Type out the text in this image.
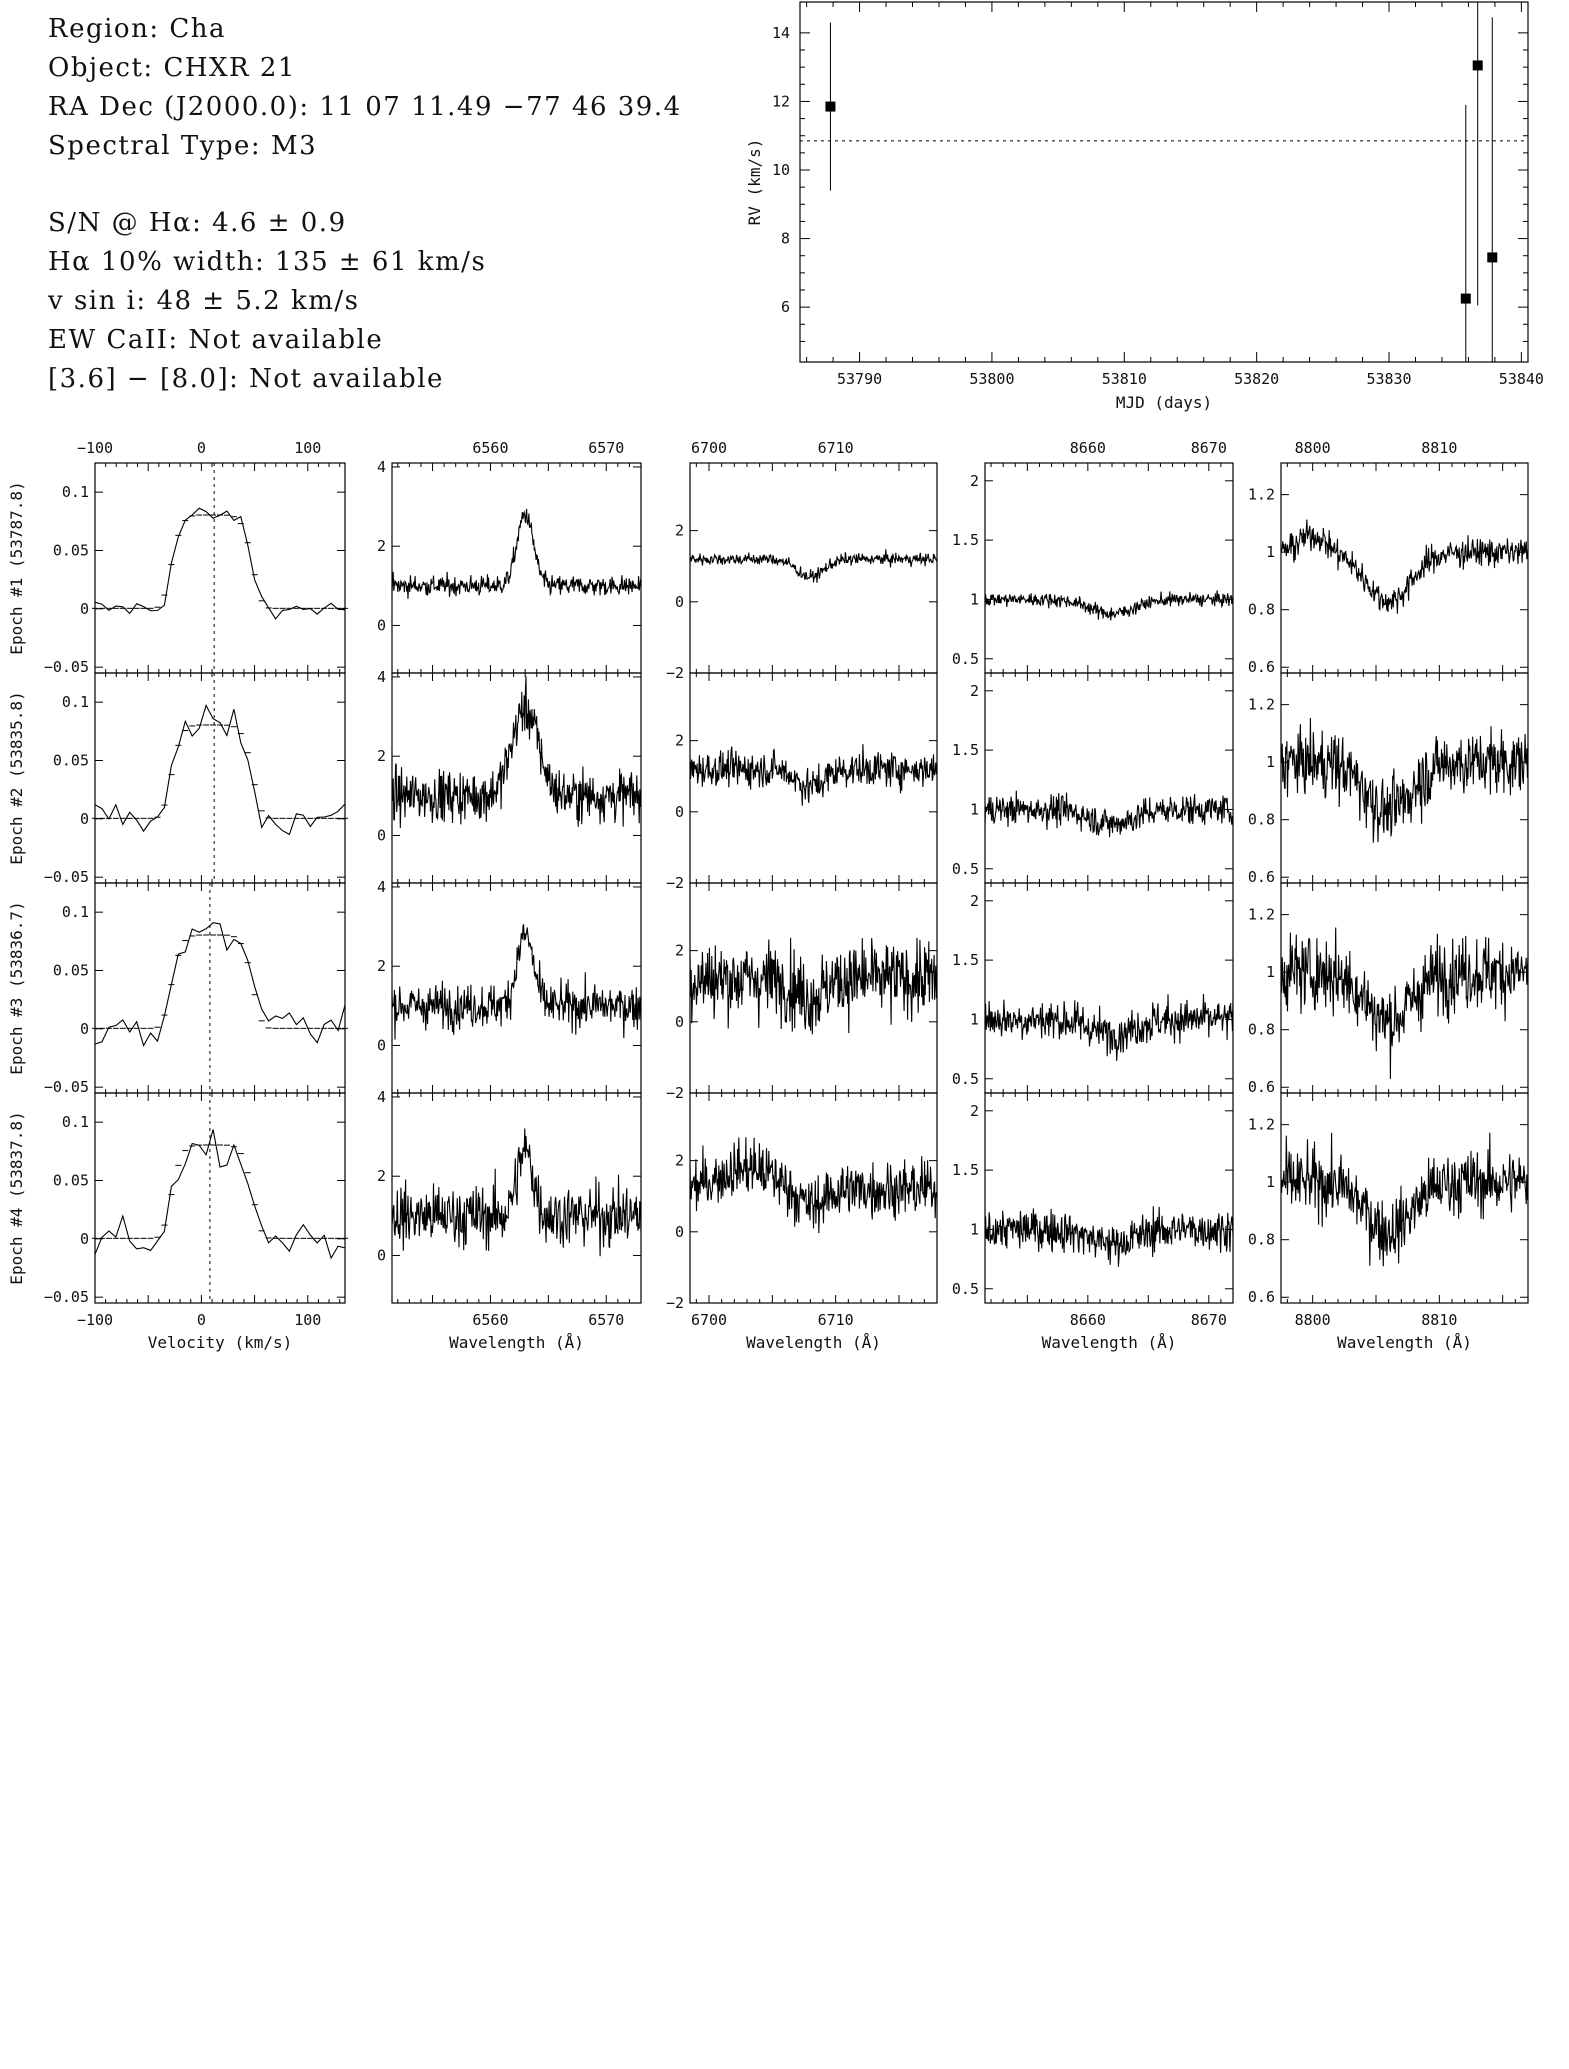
Region: Cha
Object: CHXR 21
RA Dec (J2000.0): 11 07 11.49 −77 46 39.4
Spectral Type: M3
S/N @ Hα: 4.6 ± 0.9
Hα 10% width: 135 ± 61 km/s
v sin i: 48 ± 5.2 km/s
EW CaII: Not available
[3.6] − [8.0]: Not available	53790	53800	53810	53820	53830	53840
6
8
10
12
14
MJD (days)
RV (km/s)
−100	0	100
−100	0	100
Velocity (km/s)
−0.05
0
0.05
0.1
Epoch #1 (53787.8)
−0.05
0
0.05
0.1
Epoch #2 (53835.8)
−0.05
0
0.05
0.1
Epoch #3 (53836.7)
−0.05
0
0.05
0.1
Epoch #4 (53837.8)
6560	6570
6560	6570
Wavelength (Å)
0
2
4
0
2
4
0
2
4
0
2
4
6700	6710
6700	6710
Wavelength (Å)
−2
0
2
−2
0
2
−2
0
2
−2
0
2
8660	8670
8660	8670
Wavelength (Å)
0.5
1
1.5
2
0.5
1
1.5
2
0.5
1
1.5
2
0.5
1
1.5
2
8800	8810
8800	8810
Wavelength (Å)
0.6
0.8
1
1.2
0.6
0.8
1
1.2
0.6
0.8
1
1.2
0.6
0.8
1
1.2
